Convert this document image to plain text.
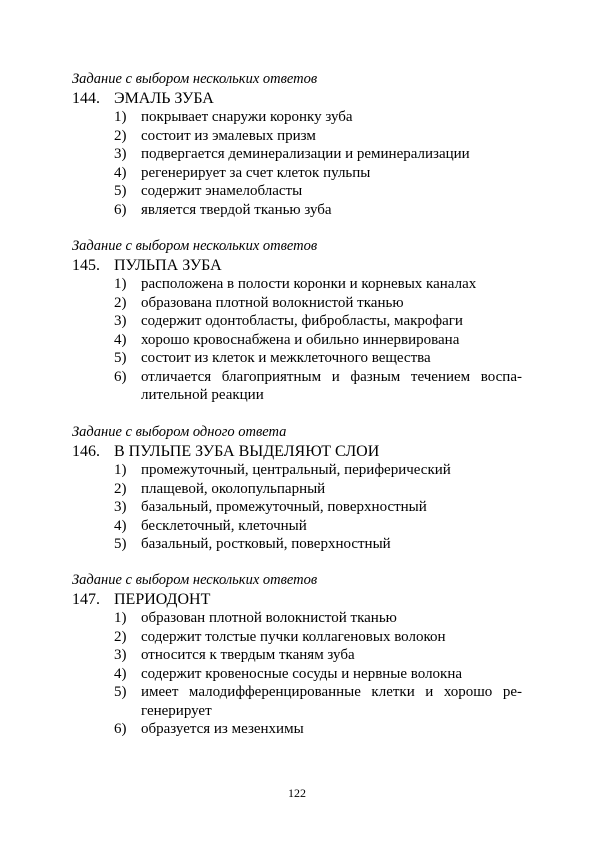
Задание с выбором нескольких ответов
144. ЭМАЛЬ ЗУБА
1) покрывает снаружи коронку зуба
2) состоит из эмалевых призм
3) подвергается деминерализации и реминерализации
4) регенерирует за счет клеток пульпы
5) содержит энамелобласты
6) является твердой тканью зуба
Задание с выбором нескольких ответов
145. ПУЛЬПА ЗУБА
1) расположена в полости коронки и корневых каналах
2) образована плотной волокнистой тканью
3) содержит одонтобласты, фибробласты, макрофаги
4) хорошо кровоснабжена и обильно иннервирована
5) состоит из клеток и межклеточного вещества
6) отличается благоприятным и фазным течением воспа-
лительной реакции
Задание с выбором одного ответа
146. В ПУЛЬПЕ ЗУБА ВЫДЕЛЯЮТ СЛОИ
1) промежуточный, центральный, периферический
2) плащевой, околопульпарный
3) базальный, промежуточный, поверхностный
4) бесклеточный, клеточный
5) базальный, ростковый, поверхностный
Задание с выбором нескольких ответов
147. ПЕРИОДОНТ
1) образован плотной волокнистой тканью
2) содержит толстые пучки коллагеновых волокон
3) относится к твердым тканям зуба
4) содержит кровеносные сосуды и нервные волокна
5) имеет малодифференцированные клетки и хорошо ре-
генерирует
6) образуется из мезенхимы
122
